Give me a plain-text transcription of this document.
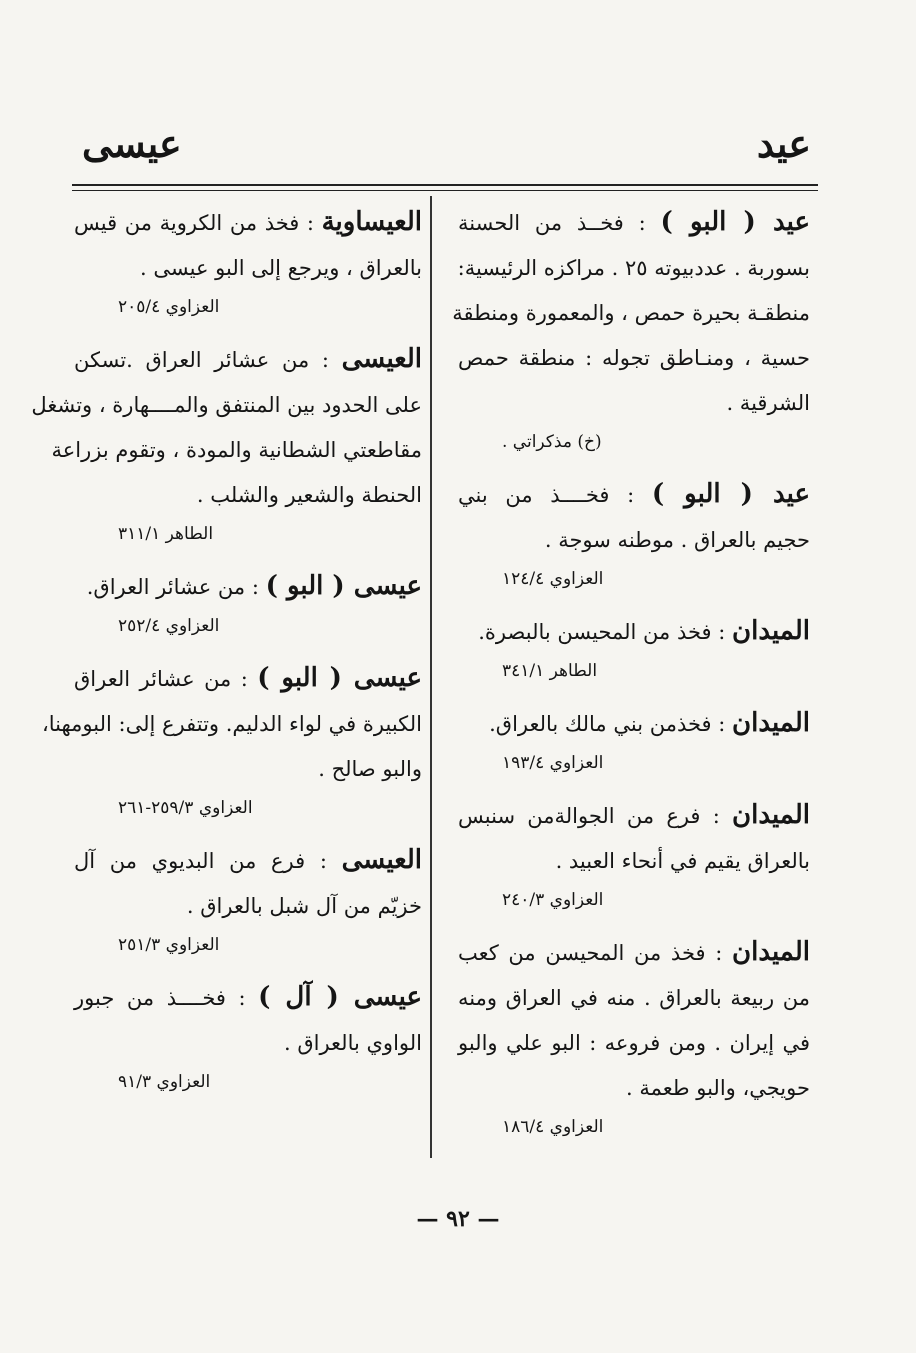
عيد
عيسى
عيد ( البو ) : فخــذ من الحسنة
بسوربة . عددبيوته ٢٥ . مراكزه الرئيسية:
منطقـة بحيرة حمص ، والمعمورة ومنطقة
حسية ، ومنـاطق تجوله : منطقة حمص
الشرقية .
(خ) مذكراتي .
عيد ( البو ) : فخــــذ من بني
حجيم بالعراق . موطنه سوجة .
العزاوي ١٢٤/٤
الميدان : فخذ من المحيسن بالبصرة.
الطاهر ٣٤١/١
الميدان : فخذمن بني مالك بالعراق.
العزاوي ١٩٣/٤
الميدان : فرع من الجوالةمن سنبس
بالعراق يقيم في أنحاء العبيد .
العزاوي ٢٤٠/٣
الميدان : فخذ من المحيسن من كعب
من ربيعة بالعراق . منه في العراق ومنه
في إيران . ومن فروعه : البو علي والبو
حويجي، والبو طعمة .
العزاوي ١٨٦/٤
العيساوية : فخذ من الكروية من قيس
بالعراق ، ويرجع إلى البو عيسى .
العزاوي ٢٠٥/٤
العيسى : من عشائر العراق .تسكن
على الحدود بين المنتفق والمــــهارة ، وتشغل
مقاطعتي الشطانية والمودة ، وتقوم بزراعة
الحنطة والشعير والشلب .
الطاهر ٣١١/١
عيسى ( البو ) : من عشائر العراق.
العزاوي ٢٥٢/٤
عيسى ( البو ) : من عشائر العراق
الكبيرة في لواء الدليم. وتتفرع إلى: البومهنا،
والبو صالح .
العزاوي ٢٥٩/٣-٢٦١
العيسى : فرع من البديوي من آل
خزيّم من آل شبل بالعراق .
العزاوي ٢٥١/٣
عيسى ( آل ) : فخــــذ من جبور
الواوي بالعراق .
العزاوي ٩١/٣
— ٩٢ —
